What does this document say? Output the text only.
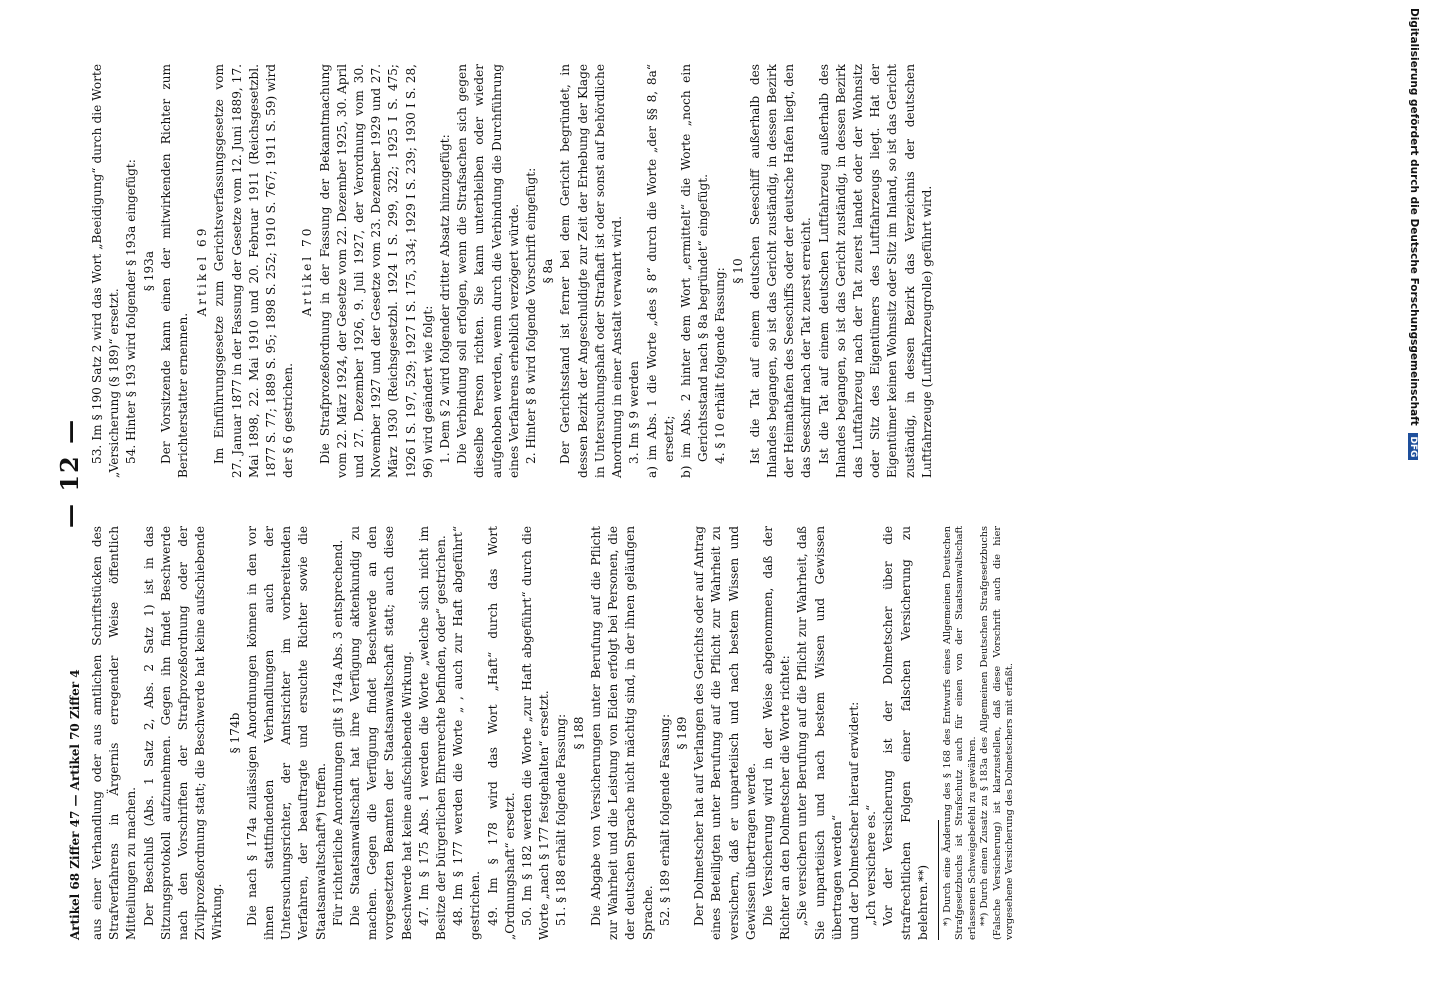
Artikel 68 Ziffer 47 — Artikel 70 Ziffer 4
— 12 —

aus einer Verhandlung oder aus amtlichen Schriftstücken des Strafverfahrens in Ärgernis erregender Weise öffentlich Mitteilungen zu machen. Der Beschluß (Abs. 1 Satz 2, Abs. 2 Satz 1) ist in das Sitzungsprotokoll aufzunehmen. Gegen ihn findet Beschwerde nach den Vorschriften der Strafprozeßordnung oder der Zivilprozeßordnung statt; die Beschwerde hat keine aufschiebende Wirkung.

§ 174b Die nach § 174a zulässigen Anordnungen können in den vor ihnen stattfindenden Verhandlungen auch der Untersuchungsrichter, der Amtsrichter im vorbereitenden Verfahren, der beauftragte und ersuchte Richter sowie die Staatsanwaltschaft*) treffen. Für richterliche Anordnungen gilt § 174a Abs. 3 entsprechend. Die Staatsanwaltschaft hat ihre Verfügung aktenkundig zu machen. Gegen die Verfügung findet Beschwerde an den vorgesetzten Beamten der Staatsanwaltschaft statt; auch diese Beschwerde hat keine aufschiebende Wirkung. 47. Im § 175 Abs. 1 werden die Worte „welche sich nicht im Besitze der bürgerlichen Ehrenrechte befinden, oder“ gestrichen. 48. Im § 177 werden die Worte „ , auch zur Haft abgeführt“ gestrichen. 49. Im § 178 wird das Wort „Haft“ durch das Wort „Ordnungshaft“ ersetzt. 50. Im § 182 werden die Worte „zur Haft abgeführt“ durch die Worte „nach § 177 festgehalten“ ersetzt. 51. § 188 erhält folgende Fassung: § 188 Die Abgabe von Versicherungen unter Berufung auf die Pflicht zur Wahrheit und die Leistung von Eiden erfolgt bei Personen, die der deutschen Sprache nicht mächtig sind, in der ihnen geläufigen Sprache. 52. § 189 erhält folgende Fassung: § 189 Der Dolmetscher hat auf Verlangen des Gerichts oder auf Antrag eines Beteiligten unter Berufung auf die Pflicht zur Wahrheit zu versichern, daß er unparteiisch und nach bestem Wissen und Gewissen übertragen werde. Die Versicherung wird in der Weise abgenommen, daß der Richter an den Dolmetscher die Worte richtet: „Sie versichern unter Berufung auf die Pflicht zur Wahrheit, daß Sie unparteiisch und nach bestem Wissen und Gewissen übertragen werden“ und der Dolmetscher hierauf erwidert: „Ich versichere es.“ Vor der Versicherung ist der Dolmetscher über die strafrechtlichen Folgen einer falschen Versicherung zu belehren.**) *) Durch eine Änderung des § 168 des Entwurfs eines Allgemeinen Deutschen Strafgesetzbuchs ist Strafschutz auch für einen von der Staatsanwaltschaft erlassenen Schweigebefehl zu gewähren. **) Durch einen Zusatz zu § 183a des Allgemeinen Deutschen Strafgesetzbuchs (Falsche Versicherung) ist klarzustellen, daß diese Vorschrift auch die hier vorgesehene Versicherung des Dolmetschers mit erfaßt.

53. Im § 190 Satz 2 wird das Wort „Beeidigung“ durch die Worte „Versicherung (§ 189)“ ersetzt. 54. Hinter § 193 wird folgender § 193a eingefügt: § 193a Der Vorsitzende kann einen der mitwirkenden Richter zum Berichterstatter ernennen.

Artikel 69 Im Einführungsgesetze zum Gerichtsverfassungsgesetze vom 27. Januar 1877 in der Fassung der Gesetze vom 12. Juni 1889, 17. Mai 1898, 22. Mai 1910 und 20. Februar 1911 (Reichsgesetzbl. 1877 S. 77; 1889 S. 95; 1898 S. 252; 1910 S. 767; 1911 S. 59) wird der § 6 gestrichen.

Artikel 70 Die Strafprozeßordnung in der Fassung der Bekanntmachung vom 22. März 1924, der Gesetze vom 22. Dezember 1925, 30. April und 27. Dezember 1926, 9. Juli 1927, der Verordnung vom 30. November 1927 und der Gesetze vom 23. Dezember 1929 und 27. März 1930 (Reichsgesetzbl. 1924 I S. 299, 322; 1925 I S. 475; 1926 I S. 197, 529; 1927 I S. 175, 334; 1929 I S. 239; 1930 I S. 28, 96) wird geändert wie folgt: 1. Dem § 2 wird folgender dritter Absatz hinzugefügt: Die Verbindung soll erfolgen, wenn die Strafsachen sich gegen dieselbe Person richten. Sie kann unterbleiben oder wieder aufgehoben werden, wenn durch die Verbindung die Durchführung eines Verfahrens erheblich verzögert würde. 2. Hinter § 8 wird folgende Vorschrift eingefügt: § 8a Der Gerichtsstand ist ferner bei dem Gericht begründet, in dessen Bezirk der Angeschuldigte zur Zeit der Erhebung der Klage in Untersuchungshaft oder Strafhaft ist oder sonst auf behördliche Anordnung in einer Anstalt verwahrt wird. 3. Im § 9 werden a) im Abs. 1 die Worte „des § 8“ durch die Worte „der §§ 8, 8a“ ersetzt; b) im Abs. 2 hinter dem Wort „ermittelt“ die Worte „noch ein Gerichtsstand nach § 8a begründet“ eingefügt. 4. § 10 erhält folgende Fassung: § 10 Ist die Tat auf einem deutschen Seeschiff außerhalb des Inlandes begangen, so ist das Gericht zuständig, in dessen Bezirk der Heimathafen des Seeschiffs oder der deutsche Hafen liegt, den das Seeschiff nach der Tat zuerst erreicht. Ist die Tat auf einem deutschen Luftfahrzeug außerhalb des Inlandes begangen, so ist das Gericht zuständig, in dessen Bezirk das Luftfahrzeug nach der Tat zuerst landet oder der Wohnsitz oder Sitz des Eigentümers des Luftfahrzeugs liegt. Hat der Eigentümer keinen Wohnsitz oder Sitz im Inland, so ist das Gericht zuständig, in dessen Bezirk das Verzeichnis der deutschen Luftfahrzeuge (Luftfahrzeugrolle) geführt wird.	Digitalisierung gefördert durch die Deutsche Forschungsgemeinschaft DFG
